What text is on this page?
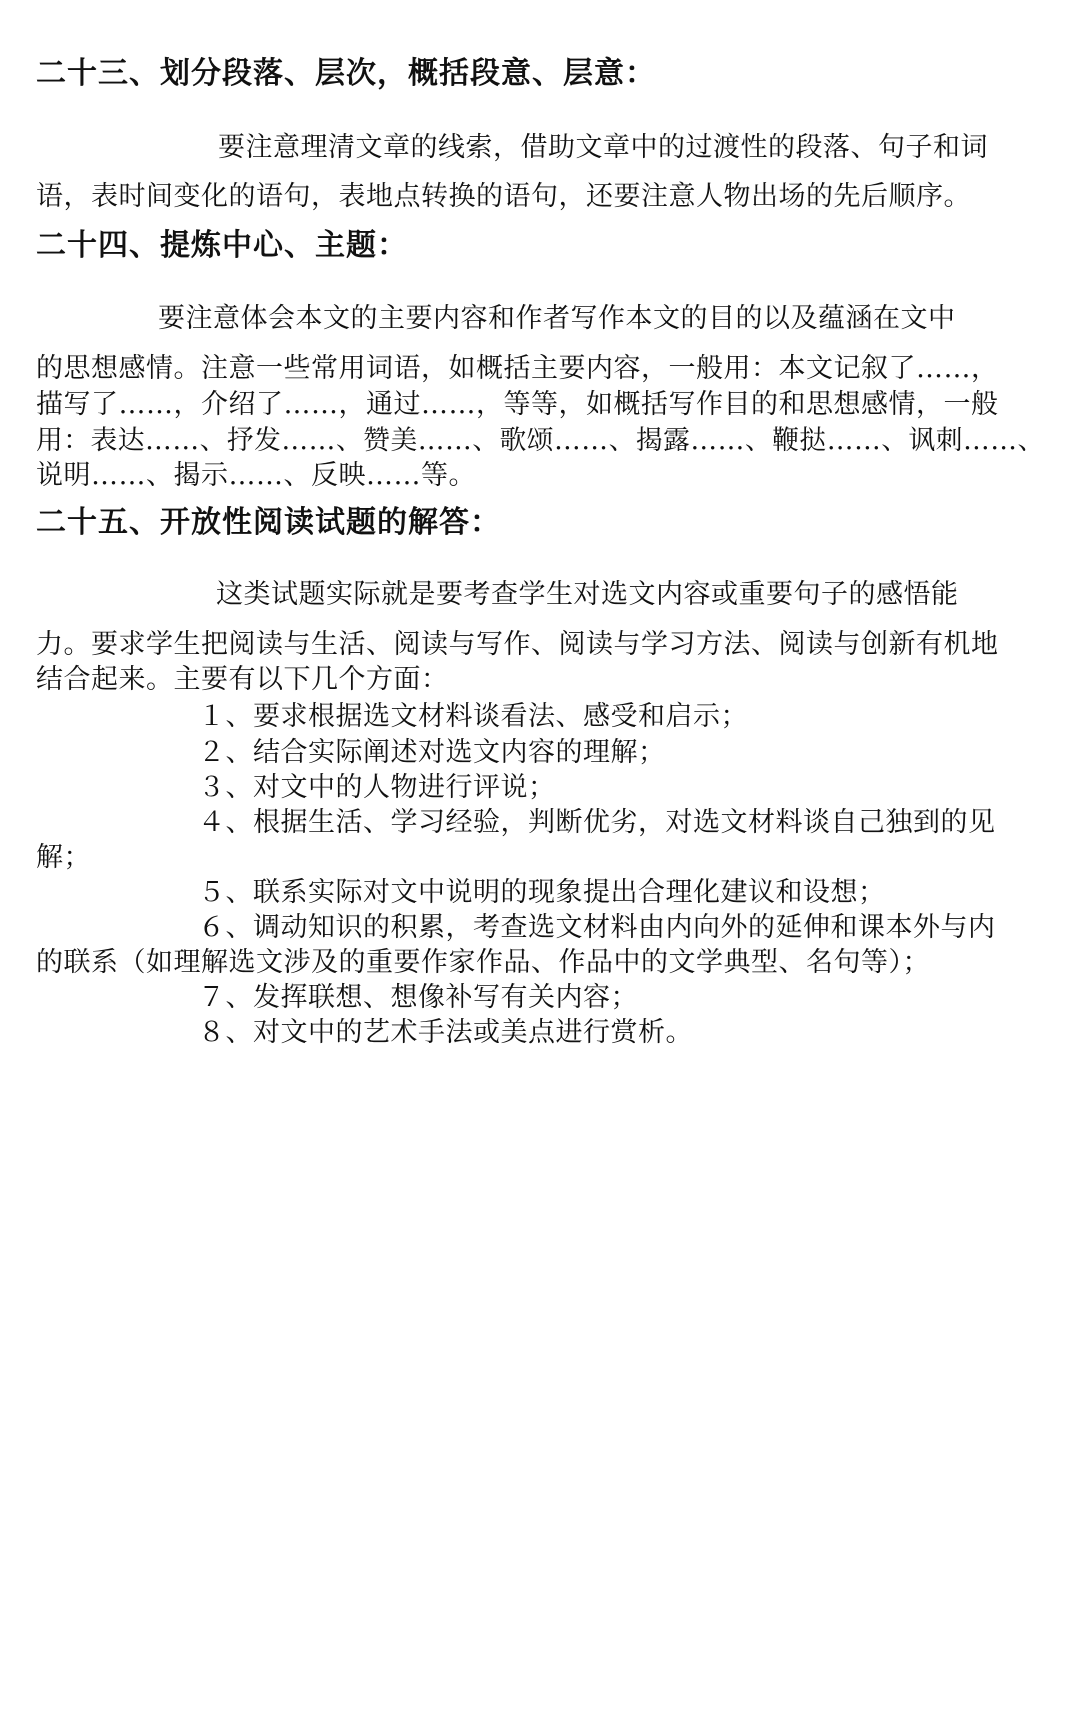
二十三、划分段落、层次，概括段意、层意：
要注意理清文章的线索，借助文章中的过渡性的段落、句子和词
语，表时间变化的语句，表地点转换的语句，还要注意人物出场的先后顺序。
二十四、提炼中心、主题：
要注意体会本文的主要内容和作者写作本文的目的以及蕴涵在文中
的思想感情。注意一些常用词语，如概括主要内容，一般用：本文记叙了……，
描写了……，介绍了……，通过……，等等，如概括写作目的和思想感情，一般
用：表达……、抒发……、赞美……、歌颂……、揭露……、鞭挞……、讽刺……、
说明……、揭示……、反映……等。
二十五、开放性阅读试题的解答：
这类试题实际就是要考查学生对选文内容或重要句子的感悟能
力。要求学生把阅读与生活、阅读与写作、阅读与学习方法、阅读与创新有机地
结合起来。主要有以下几个方面：
１、要求根据选文材料谈看法、感受和启示；
２、结合实际阐述对选文内容的理解；
３、对文中的人物进行评说；
４、根据生活、学习经验，判断优劣，对选文材料谈自己独到的见
解；
５、联系实际对文中说明的现象提出合理化建议和设想；
６、调动知识的积累，考查选文材料由内向外的延伸和课本外与内
的联系（如理解选文涉及的重要作家作品、作品中的文学典型、名句等）；
７、发挥联想、想像补写有关内容；
８、对文中的艺术手法或美点进行赏析。
